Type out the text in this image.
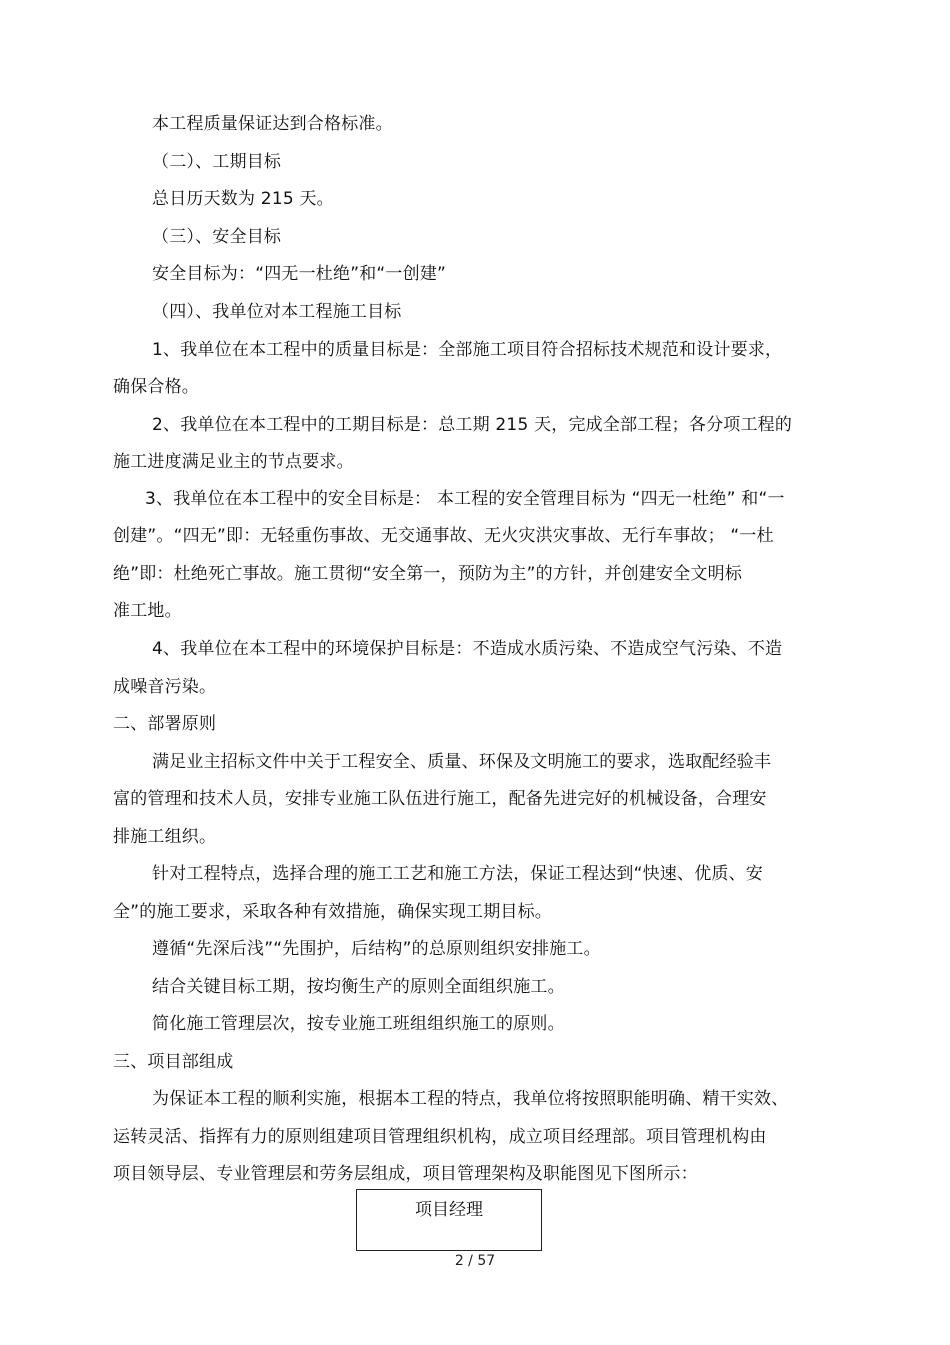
本工程质量保证达到合格标准。
（二）、工期目标
总日历天数为 215 天。
（三）、安全目标
安全目标为：“四无一杜绝”和“一创建”
（四）、我单位对本工程施工目标
1、我单位在本工程中的质量目标是：全部施工项目符合招标技术规范和设计要求，
确保合格。
2、我单位在本工程中的工期目标是：总工期 215 天，完成全部工程；各分项工程的
施工进度满足业主的节点要求。
3、我单位在本工程中的安全目标是： 本工程的安全管理目标为 “四无一杜绝” 和“一
创建”。“四无”即：无轻重伤事故、无交通事故、无火灾洪灾事故、无行车事故； “一杜
绝”即：杜绝死亡事故。施工贯彻“安全第一，预防为主”的方针，并创建安全文明标
准工地。
4、我单位在本工程中的环境保护目标是：不造成水质污染、不造成空气污染、不造
成噪音污染。
二、部署原则
满足业主招标文件中关于工程安全、质量、环保及文明施工的要求，选取配经验丰
富的管理和技术人员，安排专业施工队伍进行施工，配备先进完好的机械设备，合理安
排施工组织。
针对工程特点，选择合理的施工工艺和施工方法，保证工程达到“快速、优质、安
全”的施工要求，采取各种有效措施，确保实现工期目标。
遵循“先深后浅”“先围护，后结构”的总原则组织安排施工。
结合关键目标工期，按均衡生产的原则全面组织施工。
简化施工管理层次，按专业施工班组组织施工的原则。
三、项目部组成
为保证本工程的顺利实施，根据本工程的特点，我单位将按照职能明确、精干实效、
运转灵活、指挥有力的原则组建项目管理组织机构，成立项目经理部。项目管理机构由
项目领导层、专业管理层和劳务层组成，项目管理架构及职能图见下图所示：
项目经理
2 / 57
